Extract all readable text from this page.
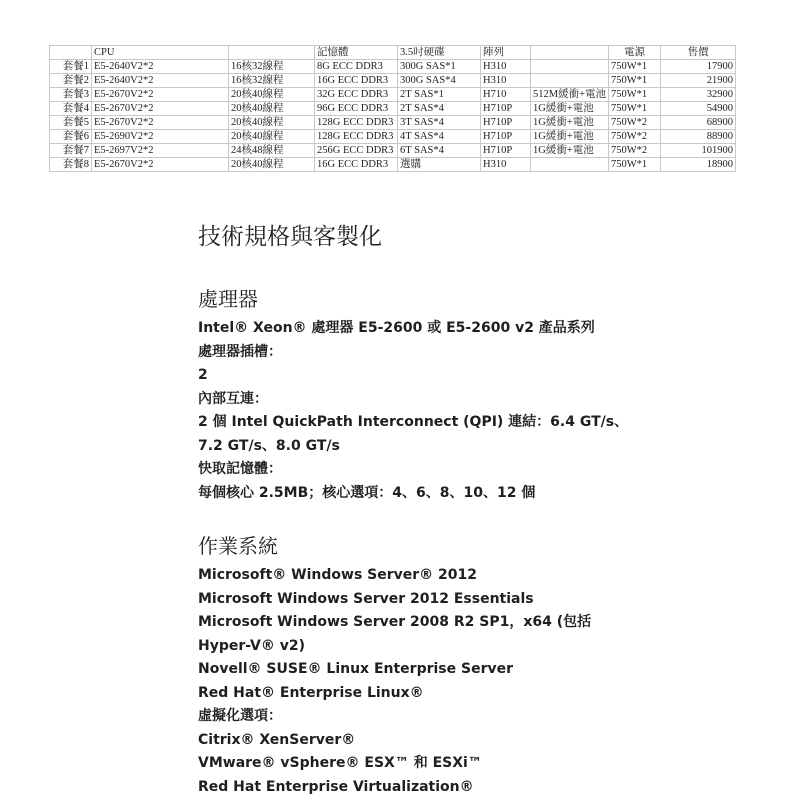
	CPU		記憶體	3.5吋硬碟	陣列		電源	售價
套餐1	E5-2640V2*2	16核32線程	8G ECC DDR3	300G SAS*1	H310		750W*1	17900
套餐2	E5-2640V2*2	16核32線程	16G ECC DDR3	300G SAS*4	H310		750W*1	21900
套餐3	E5-2670V2*2	20核40線程	32G ECC DDR3	2T SAS*1	H710	512M緩衝+電池	750W*1	32900
套餐4	E5-2670V2*2	20核40線程	96G ECC DDR3	2T SAS*4	H710P	1G緩衝+電池	750W*1	54900
套餐5	E5-2670V2*2	20核40線程	128G ECC DDR3	3T SAS*4	H710P	1G緩衝+電池	750W*2	68900
套餐6	E5-2690V2*2	20核40線程	128G ECC DDR3	4T SAS*4	H710P	1G緩衝+電池	750W*2	88900
套餐7	E5-2697V2*2	24核48線程	256G ECC DDR3	6T SAS*4	H710P	1G緩衝+電池	750W*2	101900
套餐8	E5-2670V2*2	20核40線程	16G ECC DDR3	選購	H310		750W*1	18900
技術規格與客製化
處理器
Intel® Xeon® 處理器 E5-2600 或 E5-2600 v2 產品系列
處理器插槽：
2
內部互連：
2 個 Intel QuickPath Interconnect (QPI) 連結：6.4 GT/s、
7.2 GT/s、8.0 GT/s
快取記憶體：
每個核心 2.5MB；核心選項：4、6、8、10、12 個
作業系統
Microsoft® Windows Server® 2012
Microsoft Windows Server 2012 Essentials
Microsoft Windows Server 2008 R2 SP1，x64 (包括
Hyper-V® v2)
Novell® SUSE® Linux Enterprise Server
Red Hat® Enterprise Linux®
虛擬化選項：
Citrix® XenServer®
VMware® vSphere® ESX™ 和 ESXi™
Red Hat Enterprise Virtualization®
